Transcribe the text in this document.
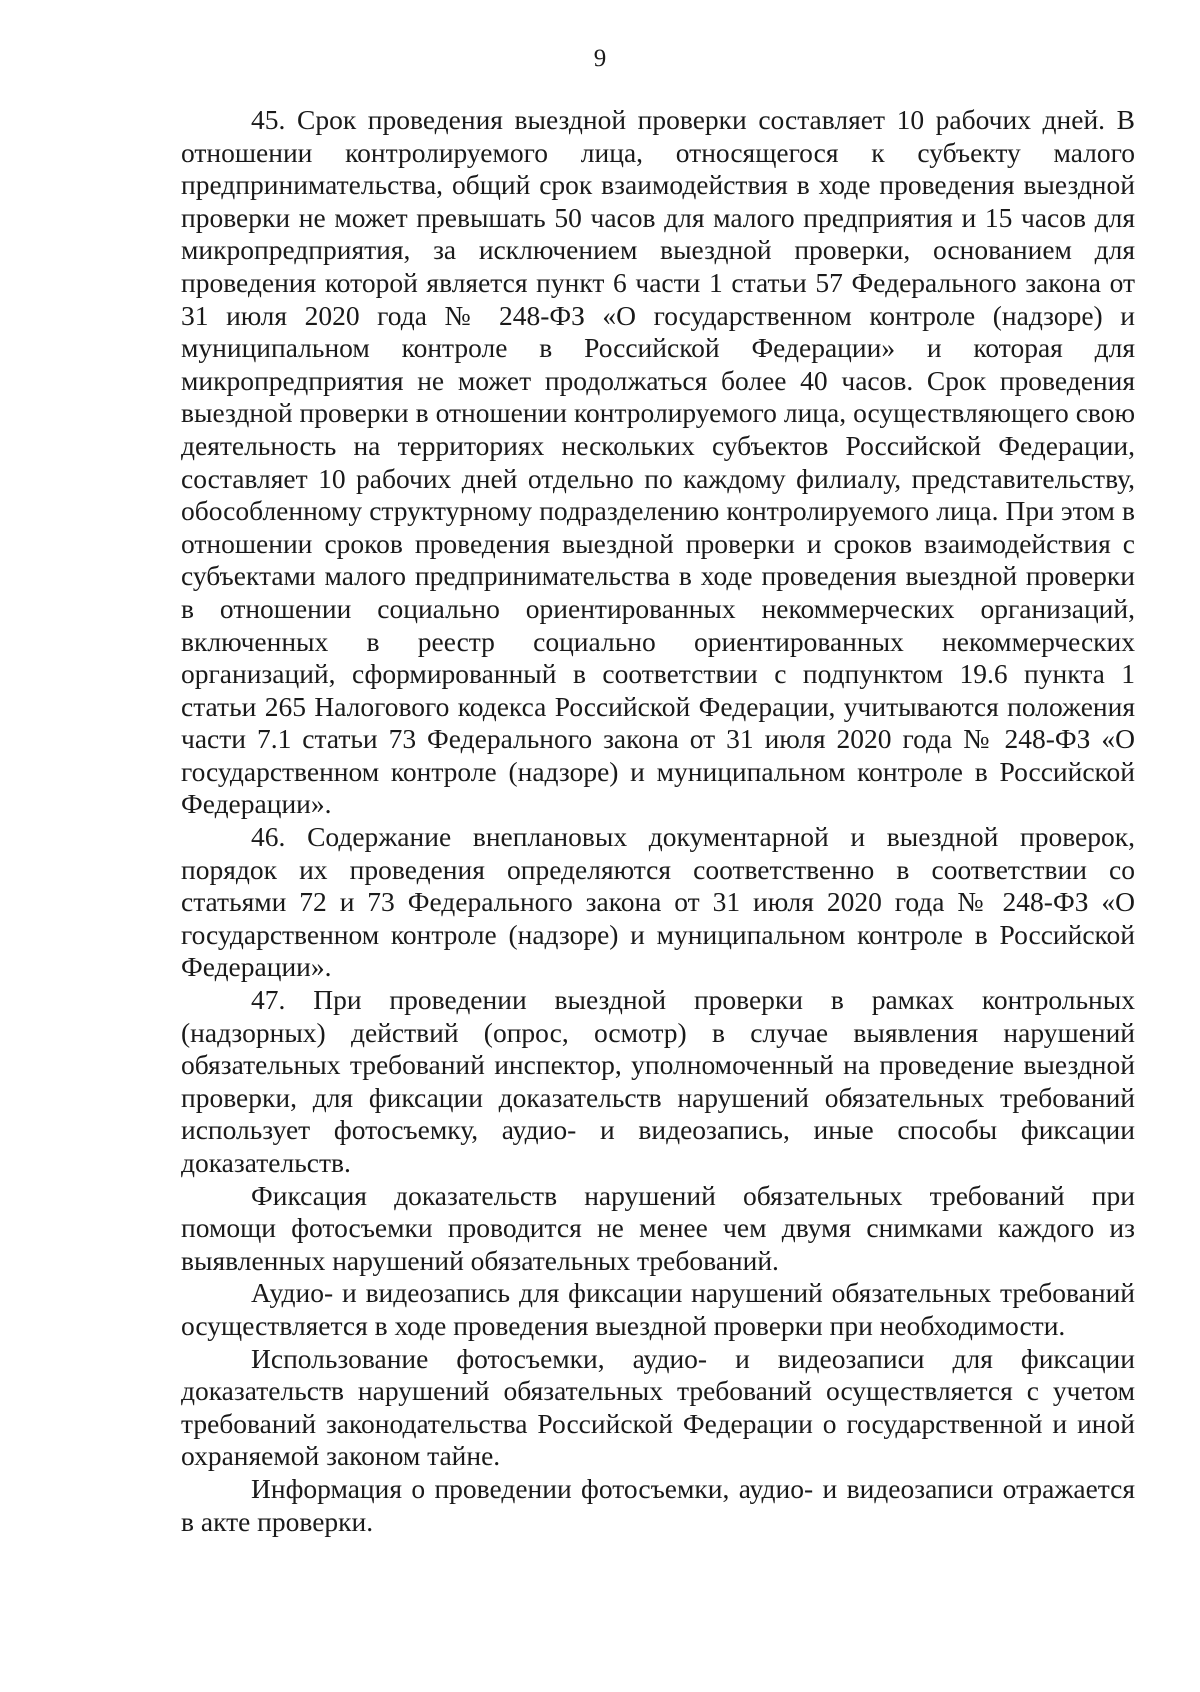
9

45. Срок проведения выездной проверки составляет 10 рабочих дней. В отношении контролируемого лица, относящегося к субъекту малого предпринимательства, общий срок взаимодействия в ходе проведения выездной проверки не может превышать 50 часов для малого предприятия и 15 часов для микропредприятия, за исключением выездной проверки, основанием для проведения которой является пункт 6 части 1 статьи 57 Федерального закона от 31 июля 2020 года № 248-ФЗ «О государственном контроле (надзоре) и муниципальном контроле в Российской Федерации» и которая для микропредприятия не может продолжаться более 40 часов. Срок проведения выездной проверки в отношении контролируемого лица, осуществляющего свою деятельность на территориях нескольких субъектов Российской Федерации, составляет 10 рабочих дней отдельно по каждому филиалу, представительству, обособленному структурному подразделению контролируемого лица. При этом в отношении сроков проведения выездной проверки и сроков взаимодействия с субъектами малого предпринимательства в ходе проведения выездной проверки в отношении социально ориентированных некоммерческих организаций, включенных в реестр социально ориентированных некоммерческих организаций, сформированный в соответствии с подпунктом 19.6 пункта 1 статьи 265 Налогового кодекса Российской Федерации, учитываются положения части 7.1 статьи 73 Федерального закона от 31 июля 2020 года № 248-ФЗ «О государственном контроле (надзоре) и муниципальном контроле в Российской Федерации».

46. Содержание внеплановых документарной и выездной проверок, порядок их проведения определяются соответственно в соответствии со статьями 72 и 73 Федерального закона от 31 июля 2020 года № 248-ФЗ «О государственном контроле (надзоре) и муниципальном контроле в Российской Федерации».

47. При проведении выездной проверки в рамках контрольных (надзорных) действий (опрос, осмотр) в случае выявления нарушений обязательных требований инспектор, уполномоченный на проведение выездной проверки, для фиксации доказательств нарушений обязательных требований использует фотосъемку, аудио- и видеозапись, иные способы фиксации доказательств.

Фиксация доказательств нарушений обязательных требований при помощи фотосъемки проводится не менее чем двумя снимками каждого из выявленных нарушений обязательных требований.

Аудио- и видеозапись для фиксации нарушений обязательных требований осуществляется в ходе проведения выездной проверки при необходимости.

Использование фотосъемки, аудио- и видеозаписи для фиксации доказательств нарушений обязательных требований осуществляется с учетом требований законодательства Российской Федерации о государственной и иной охраняемой законом тайне.

Информация о проведении фотосъемки, аудио- и видеозаписи отражается в акте проверки.
